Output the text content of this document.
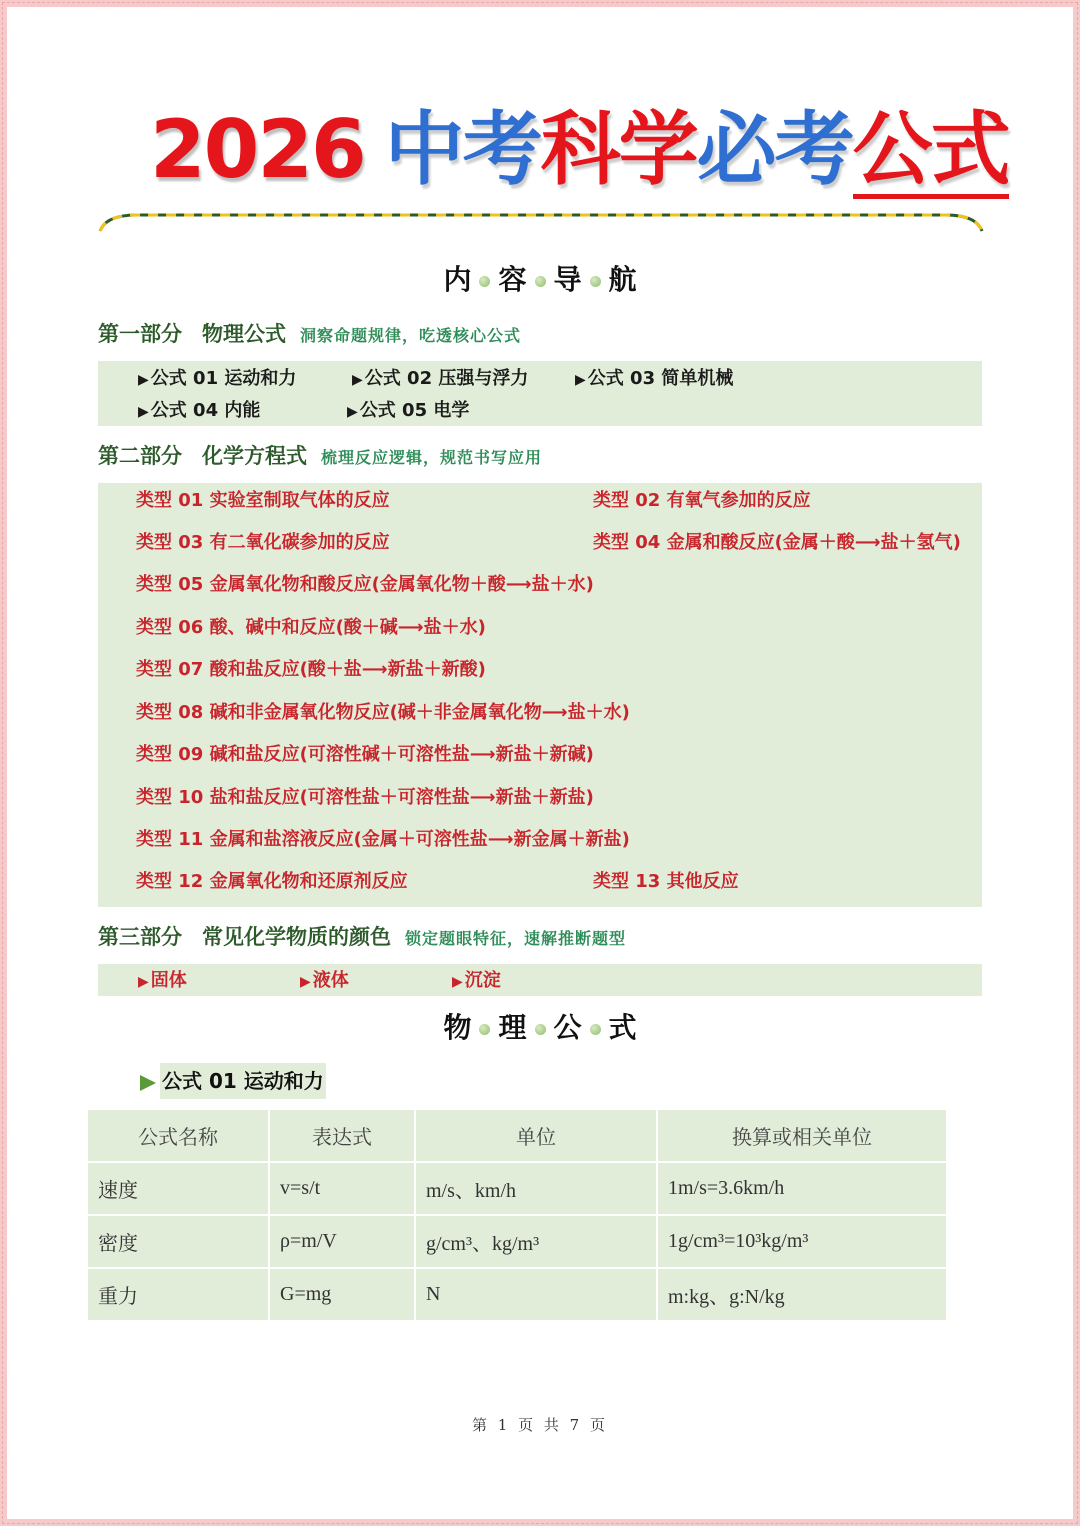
2026 中考科学必考公式
内 容 导 航
第一部分 物理公式 洞察命题规律，吃透核心公式
▶ 公式 01 运动和力	▶ 公式 02 压强与浮力	▶ 公式 03 简单机械
▶ 公式 04 内能	▶ 公式 05 电学
第二部分 化学方程式 梳理反应逻辑，规范书写应用
类型 01 实验室制取气体的反应	类型 02 有氧气参加的反应
类型 03 有二氧化碳参加的反应	类型 04 金属和酸反应(金属＋酸⟶盐＋氢气)
类型 05 金属氧化物和酸反应(金属氧化物＋酸⟶盐＋水)
类型 06 酸、碱中和反应(酸＋碱⟶盐＋水)
类型 07 酸和盐反应(酸＋盐⟶新盐＋新酸)
类型 08 碱和非金属氧化物反应(碱＋非金属氧化物⟶盐＋水)
类型 09 碱和盐反应(可溶性碱＋可溶性盐⟶新盐＋新碱)
类型 10 盐和盐反应(可溶性盐＋可溶性盐⟶新盐＋新盐)
类型 11 金属和盐溶液反应(金属＋可溶性盐⟶新金属＋新盐)
类型 12 金属氧化物和还原剂反应	类型 13 其他反应
第三部分 常见化学物质的颜色 锁定题眼特征，速解推断题型
▶ 固体	▶ 液体	▶ 沉淀
物 理 公 式
公式 01 运动和力
公式名称	表达式	单位	换算或相关单位
速度	v=s/t	m/s、km/h	1m/s=3.6km/h
密度	ρ=m/V	g/cm³、kg/m³	1g/cm³=10³kg/m³
重力	G=mg	N	m:kg、g:N/kg
第 1 页 共 7 页
